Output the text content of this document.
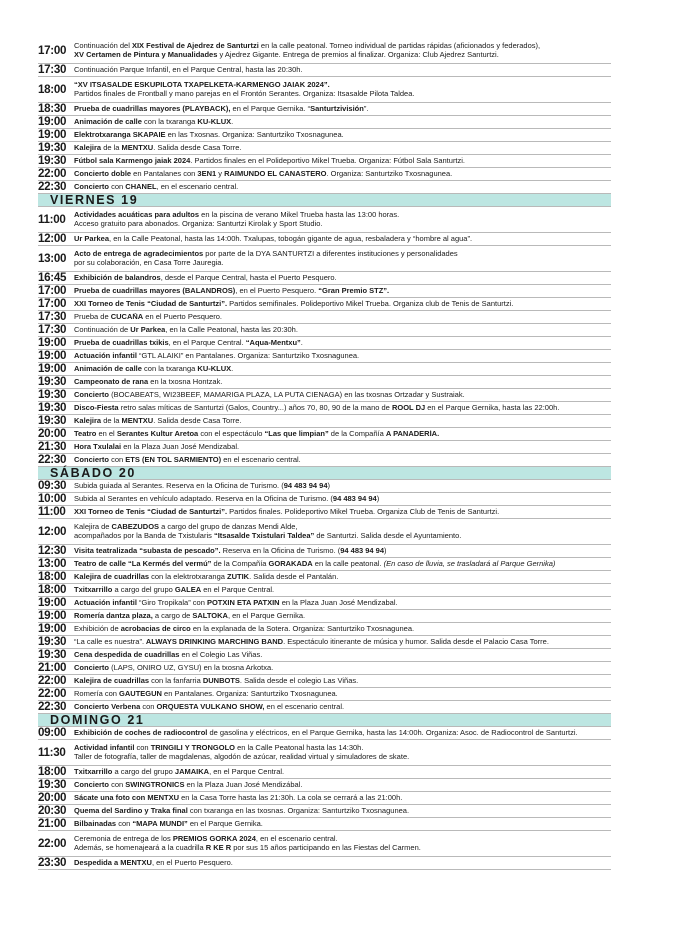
17:00	Continuación del XIX Festival de Ajedrez de Santurtzi en la calle peatonal. Torneo individual de partidas rápidas (aficionados y federados),

XV Certamen de Pintura y Manualidades y Ajedrez Gigante. Entrega de premios al finalizar. Organiza: Club Ajedrez Santurtzi.

17:30	Continuación Parque Infantil, en el Parque Central, hasta las 20:30h.

18:00	“XV ITSASALDE ESKUPILOTA TXAPELKETA-KARMENGO JAIAK 2024”.

Partidos finales de Frontball y mano parejas en el Frontón Serantes. Organiza: Itsasalde Pilota Taldea.

18:30	Prueba de cuadrillas mayores (PLAYBACK), en el Parque Gernika. “Santurtzivisión”.

19:00	Animación de calle con la txaranga KU-KLUX.

19:00	Elektrotxaranga SKAPAIE en las Txosnas. Organiza: Santurtziko Txosnagunea.

19:30	Kalejira de la MENTXU. Salida desde Casa Torre.

19:30	Fútbol sala Karmengo jaiak 2024. Partidos finales en el Polideportivo Mikel Trueba. Organiza: Fútbol Sala Santurtzi.

22:00	Concierto doble en Pantalanes con 3EN1 y RAIMUNDO EL CANASTERO. Organiza: Santurtziko Txosnagunea.

22:30	Concierto con CHANEL, en el escenario central.

VIERNES 19
11:00	Actividades acuáticas para adultos en la piscina de verano Mikel Trueba hasta las 13:00 horas.

Acceso gratuito para abonados. Organiza: Santurtzi Kirolak y Sport Studio.

12:00	Ur Parkea, en la Calle Peatonal, hasta las 14:00h. Txalupas, tobogán gigante de agua, resbaladera y “hombre al agua”.

13:00	Acto de entrega de agradecimientos por parte de la DYA SANTURTZI a diferentes instituciones y personalidades

por su colaboración, en Casa Torre Jauregia.

16:45	Exhibición de balandros, desde el Parque Central, hasta el Puerto Pesquero.

17:00	Prueba de cuadrillas mayores (BALANDROS), en el Puerto Pesquero. “Gran Premio STZ”.

17:00	XXI Torneo de Tenis “Ciudad de Santurtzi”. Partidos semifinales. Polideportivo Mikel Trueba. Organiza club de Tenis de Santurtzi.

17:30	Prueba de CUCAÑA en el Puerto Pesquero.

17:30	Continuación de Ur Parkea, en la Calle Peatonal, hasta las 20:30h.

19:00	Prueba de cuadrillas txikis, en el Parque Central. “Aqua-Mentxu”.

19:00	Actuación infantil “GTL ALAIKI” en Pantalanes. Organiza: Santurtziko Txosnagunea.

19:00	Animación de calle con la txaranga KU-KLUX.

19:30	Campeonato de rana en la txosna Hontzak.

19:30	Concierto (BOCABEATS, WI23BEEF, MAMARIGA PLAZA, LA PUTA CIENAGA) en las txosnas Ortzadar y Sustraiak.

19:30	Disco-Fiesta retro salas míticas de Santurtzi (Galos, Country...) años 70, 80, 90 de la mano de ROOL DJ en el Parque Gernika, hasta las 22:00h.

19:30	Kalejira de la MENTXU. Salida desde Casa Torre.

20:00	Teatro en el Serantes Kultur Aretoa con el espectáculo “Las que limpian” de la Compañía A PANADERÍA.

21:30	Hora Txulalai en la Plaza Juan José Mendizabal.

22:30	Concierto con ETS (EN TOL SARMIENTO) en el escenario central.

SÁBADO 20
09:30	Subida guiada al Serantes. Reserva en la Oficina de Turismo. (94 483 94 94)

10:00	Subida al Serantes en vehículo adaptado. Reserva en la Oficina de Turismo. (94 483 94 94)

11:00	XXI Torneo de Tenis “Ciudad de Santurtzi”. Partidos finales. Polideportivo Mikel Trueba. Organiza Club de Tenis de Santurtzi.

12:00	Kalejira de CABEZUDOS a cargo del grupo de danzas Mendi Alde,

acompañados por la Banda de Txistularis “Itsasalde Txistulari Taldea” de Santurtzi. Salida desde el Ayuntamiento.

12:30	Visita teatralizada “subasta de pescado”. Reserva en la Oficina de Turismo. (94 483 94 94)

13:00	Teatro de calle “La Kermés del vermú” de la Compañía GORAKADA en la calle peatonal. (En caso de lluvia, se trasladará al Parque Gernika)

18:00	Kalejira de cuadrillas con la elektrotxaranga ZUTIK. Salida desde el Pantalán.

18:00	Txitxarrillo a cargo del grupo GALEA en el Parque Central.

19:00	Actuación infantil “Giro Tropikala” con POTXIN ETA PATXIN en la Plaza Juan José Mendizabal.

19:00	Romería dantza plaza, a cargo de SALTOKA, en el Parque Gernika.

19:00	Exhibición de acrobacias de circo en la explanada de la Sotera. Organiza: Santurtziko Txosnagunea.

19:30	“La calle es nuestra”. ALWAYS DRINKING MARCHING BAND. Espectáculo itinerante de música y humor. Salida desde el Palacio Casa Torre.

19:30	Cena despedida de cuadrillas en el Colegio Las Viñas.

21:00	Concierto (LAPS, ONIRO UZ, GYSU) en la txosna Arkotxa.

22:00	Kalejira de cuadrillas con la fanfarria DUNBOTS. Salida desde el colegio Las Viñas.

22:00	Romería con GAUTEGUN en Pantalanes. Organiza: Santurtziko Txosnagunea.

22:30	Concierto Verbena con ORQUESTA VULKANO SHOW, en el escenario central.

DOMINGO 21
09:00	Exhibición de coches de radiocontrol de gasolina y eléctricos, en el Parque Gernika, hasta las 14:00h. Organiza: Asoc. de Radiocontrol de Santurtzi.

11:30	Actividad infantil con TRINGILI Y TRONGOLO en la Calle Peatonal hasta las 14:30h.

Taller de fotografía, taller de magdalenas, algodón de azúcar, realidad virtual y simuladores de skate.

18:00	Txitxarrillo a cargo del grupo JAMAIKA, en el Parque Central.

19:30	Concierto con SWINGTRONICS en la Plaza Juan José Mendizábal.

20:00	Sácate una foto con MENTXU en la Casa Torre hasta las 21:30h. La cola se cerrará a las 21:00h.

20:30	Quema del Sardino y Traka final con txaranga en las txosnas. Organiza: Santurtziko Txosnagunea.

21:00	Bilbainadas con “MAPA MUNDI” en el Parque Gernika.

22:00	Ceremonia de entrega de los PREMIOS GORKA 2024, en el escenario central.

Además, se homenajeará a la cuadrilla R KE R por sus 15 años participando en las Fiestas del Carmen.

23:30	Despedida a MENTXU, en el Puerto Pesquero.
